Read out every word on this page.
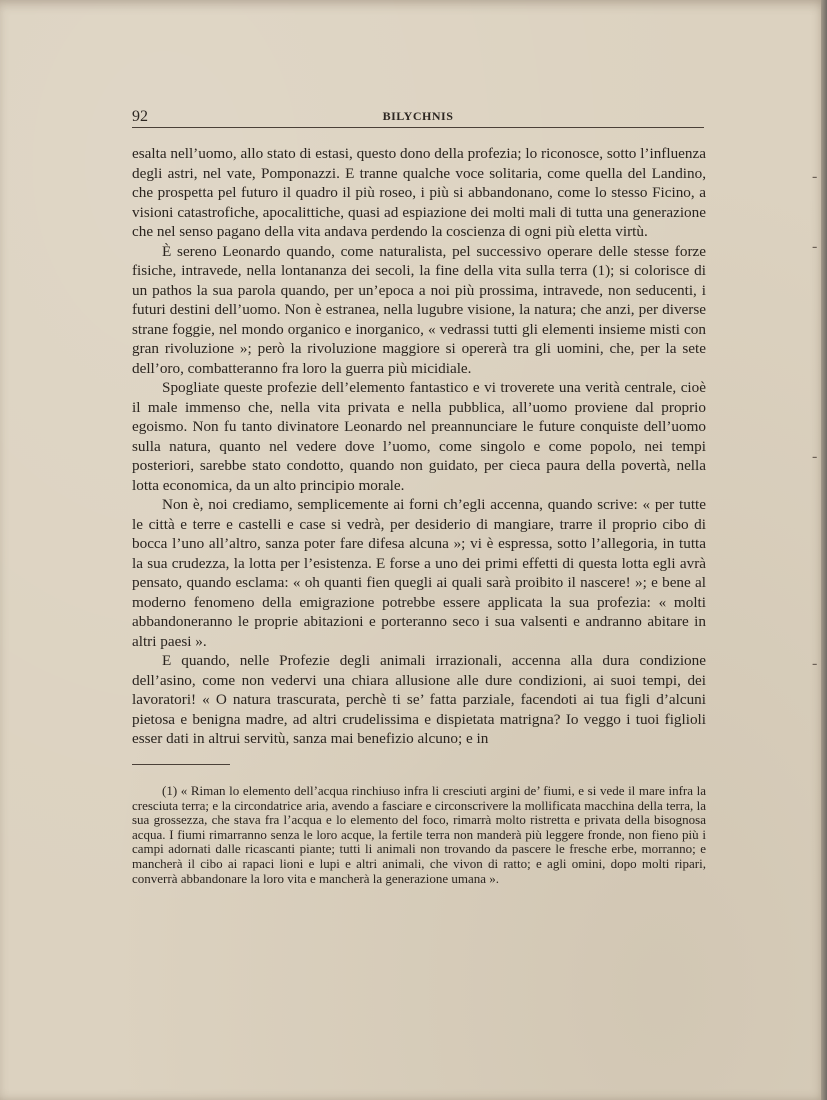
92	BILYCHNIS

esalta nell’uomo, allo stato di estasi, questo dono della profezia; lo riconosce, sotto l’influenza degli astri, nel vate, Pomponazzi. E tranne qualche voce solitaria, come quella del Landino, che prospetta pel futuro il quadro il più roseo, i più si abbandonano, come lo stesso Ficino, a visioni catastrofiche, apocalittiche, quasi ad espiazione dei molti mali di tutta una generazione che nel senso pagano della vita andava perdendo la coscienza di ogni più eletta virtù.

È sereno Leonardo quando, come naturalista, pel successivo operare delle stesse forze fisiche, intravede, nella lontananza dei secoli, la fine della vita sulla terra (1); si colorisce di un pathos la sua parola quando, per un’epoca a noi più prossima, intravede, non seducenti, i futuri destini dell’uomo. Non è estranea, nella lugubre visione, la natura; che anzi, per diverse strane foggie, nel mondo organico e inorganico, « vedrassi tutti gli elementi insieme misti con gran rivoluzione »; però la rivoluzione maggiore si opererà tra gli uomini, che, per la sete dell’oro, combatteranno fra loro la guerra più micidiale.

Spogliate queste profezie dell’elemento fantastico e vi troverete una verità centrale, cioè il male immenso che, nella vita privata e nella pubblica, all’uomo proviene dal proprio egoismo. Non fu tanto divinatore Leonardo nel preannunciare le future conquiste dell’uomo sulla natura, quanto nel vedere dove l’uomo, come singolo e come popolo, nei tempi posteriori, sarebbe stato condotto, quando non guidato, per cieca paura della povertà, nella lotta economica, da un alto principio morale.

Non è, noi crediamo, semplicemente ai forni ch’egli accenna, quando scrive: « per tutte le città e terre e castelli e case si vedrà, per desiderio di mangiare, trarre il proprio cibo di bocca l’uno all’altro, sanza poter fare difesa alcuna »; vi è espressa, sotto l’allegoria, in tutta la sua crudezza, la lotta per l’esistenza. E forse a uno dei primi effetti di questa lotta egli avrà pensato, quando esclama: « oh quanti fien quegli ai quali sarà proibito il nascere! »; e bene al moderno fenomeno della emigrazione potrebbe essere applicata la sua profezia: « molti abbandoneranno le proprie abitazioni e porteranno seco i sua valsenti e andranno abitare in altri paesi ».

E quando, nelle Profezie degli animali irrazionali, accenna alla dura condizione dell’asino, come non vedervi una chiara allusione alle dure condizioni, ai suoi tempi, dei lavoratori! « O natura trascurata, perchè ti se’ fatta parziale, facendoti ai tua figli d’alcuni pietosa e benigna madre, ad altri crudelissima e dispietata matrigna? Io veggo i tuoi figlioli esser dati in altrui servitù, sanza mai benefizio alcuno; e in

(1) « Riman lo elemento dell’acqua rinchiuso infra li cresciuti argini de’ fiumi, e si vede il mare infra la cresciuta terra; e la circondatrice aria, avendo a fasciare e circonscrivere la mollificata macchina della terra, la sua grossezza, che stava fra l’acqua e lo elemento del foco, rimarrà molto ristretta e privata della bisognosa acqua. I fiumi rimarranno senza le loro acque, la fertile terra non manderà più leggere fronde, non fieno più i campi adornati dalle ricascanti piante; tutti li animali non trovando da pascere le fresche erbe, morranno; e mancherà il cibo ai rapaci lioni e lupi e altri animali, che vivon di ratto; e agli omini, dopo molti ripari, converrà abbandonare la loro vita e mancherà la generazione umana ».
-
-
-
-
